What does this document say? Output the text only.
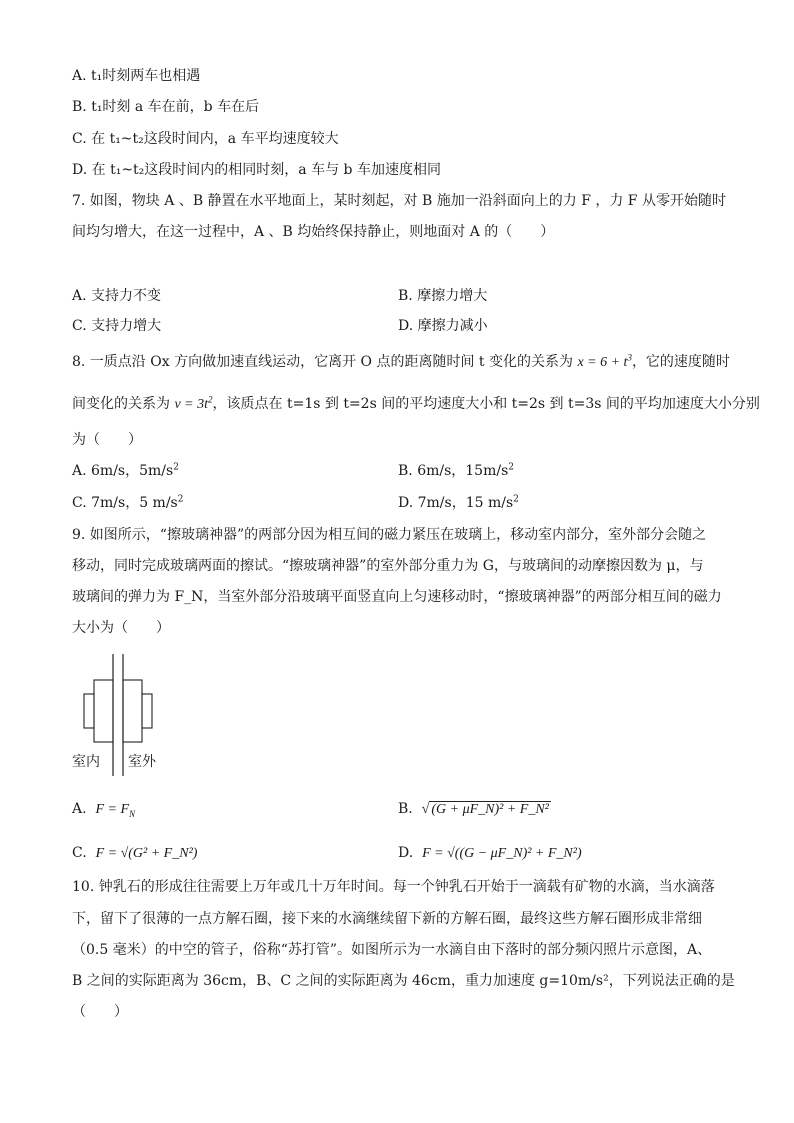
A. t₁时刻两车也相遇
B. t₁时刻 a 车在前，b 车在后
C. 在 t₁~t₂这段时间内，a 车平均速度较大
D. 在 t₁~t₂这段时间内的相同时刻，a 车与 b 车加速度相同
7. 如图，物块 A 、B 静置在水平地面上，某时刻起，对 B 施加一沿斜面向上的力 F ，力 F 从零开始随时
间均匀增大，在这一过程中，A 、B 均始终保持静止，则地面对 A 的（　　）
A. 支持力不变	B. 摩擦力增大
C. 支持力增大	D. 摩擦力减小
8. 一质点沿 Ox 方向做加速直线运动，它离开 O 点的距离随时间 t 变化的关系为 $x = 6 + t^3$，它的速度随时
间变化的关系为 $v = 3t^2$，该质点在 t=1s 到 t=2s 间的平均速度大小和 t=2s 到 t=3s 间的平均加速度大小分别
为（　　）
A. 6m/s，$5m/s^2$	B. 6m/s，$15m/s^2$
C. 7m/s，5 $m/s^2$	D. 7m/s，15 $m/s^2$
9. 如图所示，“擦玻璃神器”的两部分因为相互间的磁力紧压在玻璃上，移动室内部分，室外部分会随之
移动，同时完成玻璃两面的擦试。“擦玻璃神器”的室外部分重力为 G，与玻璃间的动摩擦因数为 μ，与
玻璃间的弹力为 F_N，当室外部分沿玻璃平面竖直向上匀速移动时，“擦玻璃神器”的两部分相互间的磁力
大小为（　　）
室内 室外
A. $F = F_N$	B. √ (G + μF_N)² + F_N²
C. F = √(G² + F_N²)	D. F = √((G − μF_N)² + F_N²)
10. 钟乳石的形成往往需要上万年或几十万年时间。每一个钟乳石开始于一滴载有矿物的水滴，当水滴落
下，留下了很薄的一点方解石圈，接下来的水滴继续留下新的方解石圈，最终这些方解石圈形成非常细
（0.5 毫米）的中空的管子，俗称“苏打管”。如图所示为一水滴自由下落时的部分频闪照片示意图，A、
B 之间的实际距离为 36cm，B、C 之间的实际距离为 46cm，重力加速度 g=10m/s²，下列说法正确的是
（　　）
